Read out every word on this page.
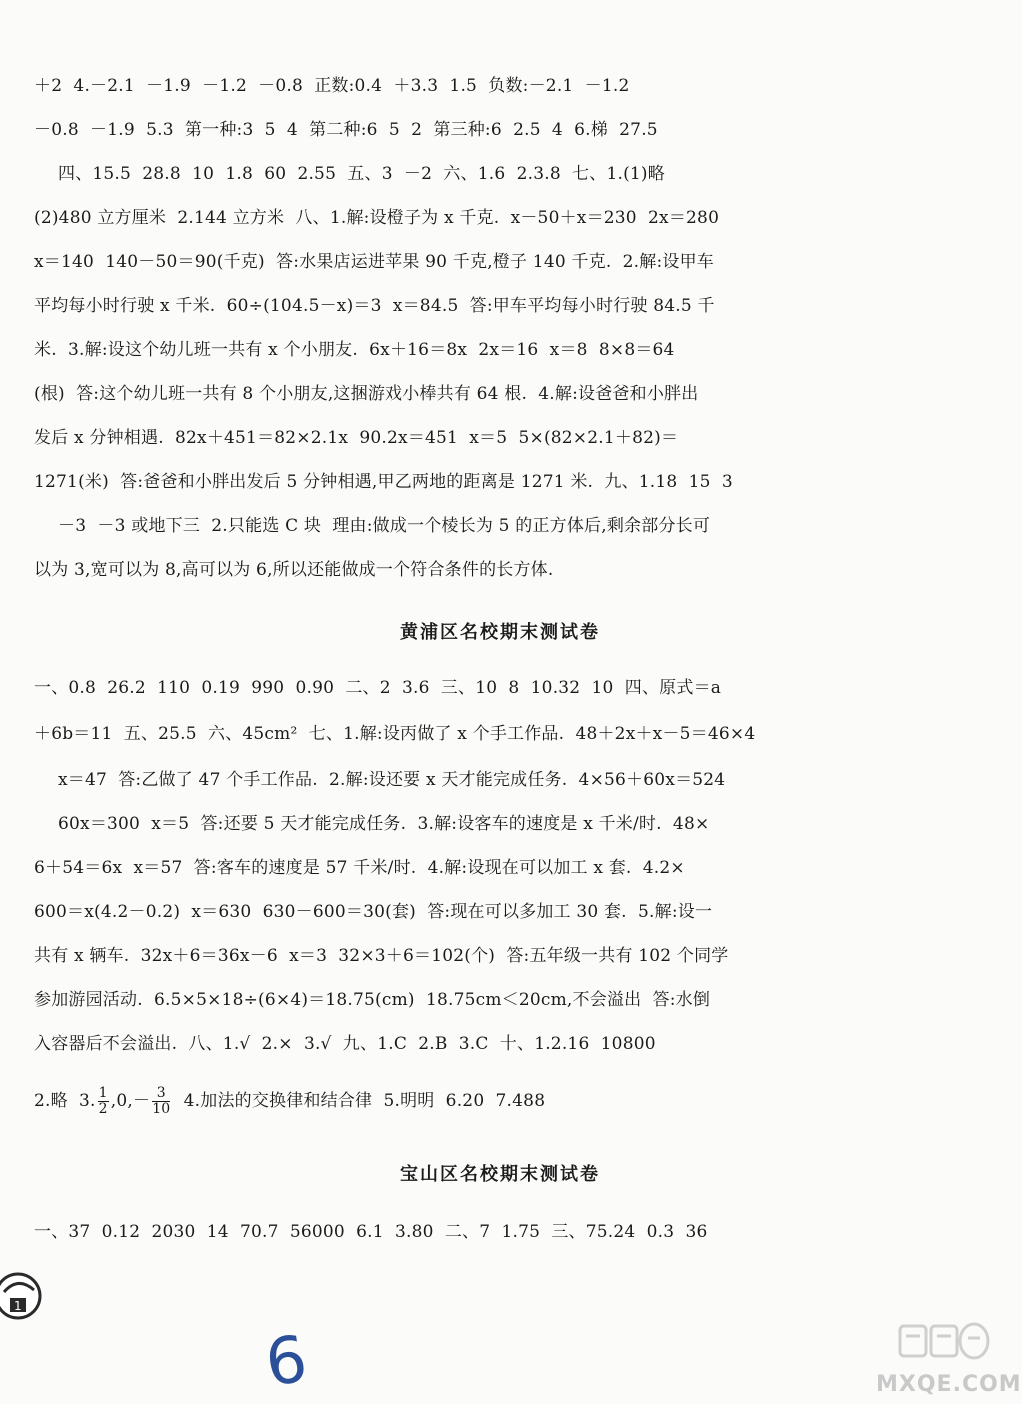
＋2  4.－2.1  －1.9  －1.2  －0.8  正数:0.4  ＋3.3  1.5  负数:－2.1  －1.2
－0.8  －1.9  5.3  第一种:3  5  4  第二种:6  5  2  第三种:6  2.5  4  6.梯  27.5
四、15.5  28.8  10  1.8  60  2.55  五、3  －2  六、1.6  2.3.8  七、1.(1)略
(2)480 立方厘米  2.144 立方米  八、1.解:设橙子为 x 千克.  x－50＋x＝230  2x＝280
x＝140  140－50＝90(千克)  答:水果店运进苹果 90 千克,橙子 140 千克.  2.解:设甲车
平均每小时行驶 x 千米.  60÷(104.5－x)＝3  x＝84.5  答:甲车平均每小时行驶 84.5 千
米.  3.解:设这个幼儿班一共有 x 个小朋友.  6x＋16＝8x  2x＝16  x＝8  8×8＝64
(根)  答:这个幼儿班一共有 8 个小朋友,这捆游戏小棒共有 64 根.  4.解:设爸爸和小胖出
发后 x 分钟相遇.  82x＋451＝82×2.1x  90.2x＝451  x＝5  5×(82×2.1＋82)＝
1271(米)  答:爸爸和小胖出发后 5 分钟相遇,甲乙两地的距离是 1271 米.  九、1.18  15  3
－3  －3 或地下三  2.只能选 C 块  理由:做成一个棱长为 5 的正方体后,剩余部分长可
以为 3,宽可以为 8,高可以为 6,所以还能做成一个符合条件的长方体.
黄浦区名校期末测试卷
一、0.8  26.2  110  0.19  990  0.90  二、2  3.6  三、10  8  10.32  10  四、原式＝a
＋6b＝11  五、25.5  六、45cm²  七、1.解:设丙做了 x 个手工作品.  48＋2x＋x－5＝46×4
x＝47  答:乙做了 47 个手工作品.  2.解:设还要 x 天才能完成任务.  4×56＋60x＝524
60x＝300  x＝5  答:还要 5 天才能完成任务.  3.解:设客车的速度是 x 千米/时.  48×
6＋54＝6x  x＝57  答:客车的速度是 57 千米/时.  4.解:设现在可以加工 x 套.  4.2×
600＝x(4.2－0.2)  x＝630  630－600＝30(套)  答:现在可以多加工 30 套.  5.解:设一
共有 x 辆车.  32x＋6＝36x－6  x＝3  32×3＋6＝102(个)  答:五年级一共有 102 个同学
参加游园活动.  6.5×5×18÷(6×4)＝18.75(cm)  18.75cm＜20cm,不会溢出  答:水倒
入容器后不会溢出.  八、1.√  2.×  3.√  九、1.C  2.B  3.C  十、1.2.16  10800
2.略  3. $\frac{1}{2} ,0,- \frac{3}{10} 4$.加法的交换律和结合律  5.明明  6.20  7.488
宝山区名校期末测试卷
一、37  0.12  2030  14  70.7  56000  6.1  3.80  二、7  1.75  三、75.24  0.3  36
1
6	MXQE.COM
